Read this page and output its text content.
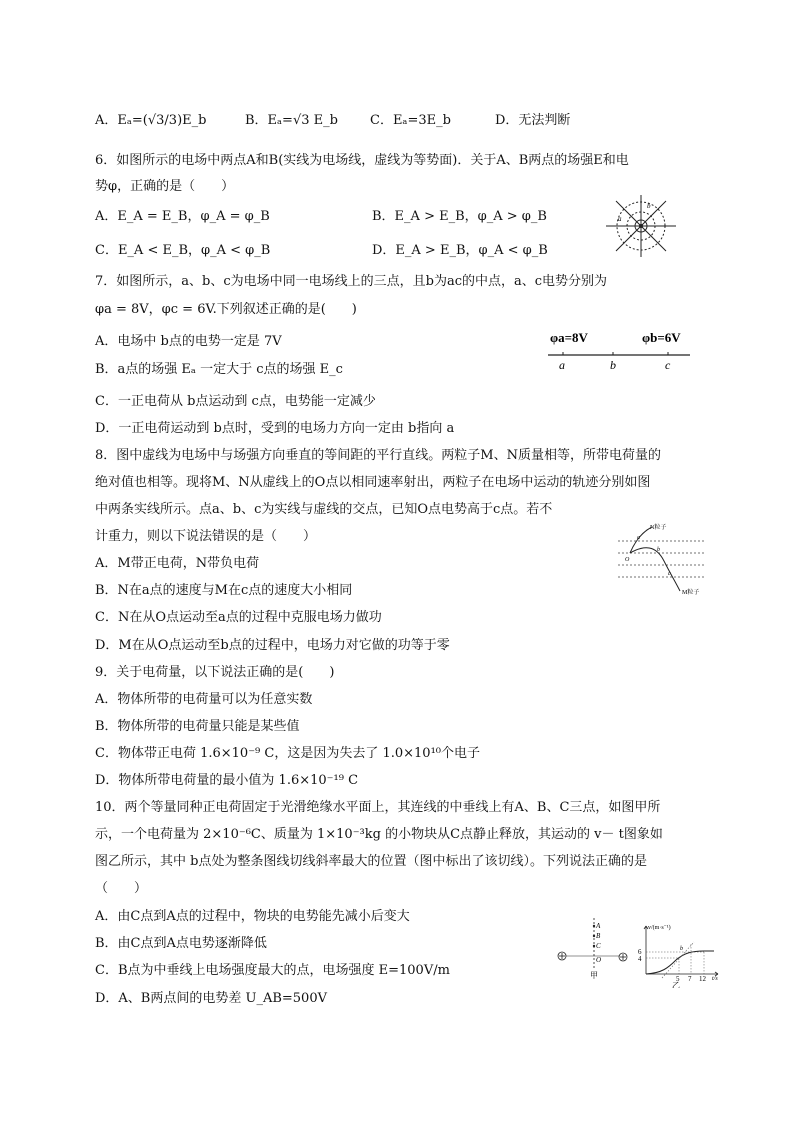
A．Eₐ=(√3/3)E_b	B．Eₐ=√3 E_b C．Eₐ=3E_b	D．无法判断
6．如图所示的电场中两点A和B(实线为电场线，虚线为等势面)．关于A、B两点的场强E和电
势φ，正确的是（　　）
A．E_A = E_B，φ_A = φ_B	B．E_A > E_B，φ_A > φ_B
C．E_A < E_B，φ_A < φ_B	D．E_A > E_B，φ_A < φ_B
b
a
7．如图所示，a、b、c为电场中同一电场线上的三点，且b为ac的中点，a、c电势分别为
φa = 8V，φc = 6V.下列叙述正确的是(　　)
A．电场中 b点的电势一定是 7V
B．a点的场强 Eₐ 一定大于 c点的场强 E_c
C．一正电荷从 b点运动到 c点，电势能一定减少
D．一正电荷运动到 b点时，受到的电场力方向一定由 b指向 a
φa=8V	φb=6V
a	b	c
8．图中虚线为电场中与场强方向垂直的等间距的平行直线。两粒子M、N质量相等，所带电荷量的
绝对值也相等。现将M、N从虚线上的O点以相同速率射出，两粒子在电场中运动的轨迹分别如图
中两条实线所示。点a、b、c为实线与虚线的交点，已知O点电势高于c点。若不
计重力，则以下说法错误的是（　　）
A．M带正电荷，N带负电荷
B．N在a点的速度与M在c点的速度大小相同
C．N在从O点运动至a点的过程中克服电场力做功
D．M在从O点运动至b点的过程中，电场力对它做的功等于零
N粒子
M粒子
O
a
b
c
9．关于电荷量，以下说法正确的是(　　)
A．物体所带的电荷量可以为任意实数
B．物体所带的电荷量只能是某些值
C．物体带正电荷 1.6×10⁻⁹ C，这是因为失去了 1.0×10¹⁰个电子
D．物体所带电荷量的最小值为 1.6×10⁻¹⁹ C
10．两个等量同种正电荷固定于光滑绝缘水平面上，其连线的中垂线上有A、B、C三点，如图甲所
示，一个电荷量为 2×10⁻⁶C、质量为 1×10⁻³kg 的小物块从C点静止释放，其运动的 v－ t图象如
图乙所示，其中 b点处为整条图线切线斜率最大的位置（图中标出了该切线）。下列说法正确的是
（　　）
A．由C点到A点的过程中，物块的电势能先减小后变大
B．由C点到A点电势逐渐降低
C．B点为中垂线上电场强度最大的点，电场强度 E=100V/m
D．A、B两点间的电势差 U_AB=500V
A
B
C
O
甲
b
v/(m·s⁻¹)
t/s
6
4
5 7 12
乙
